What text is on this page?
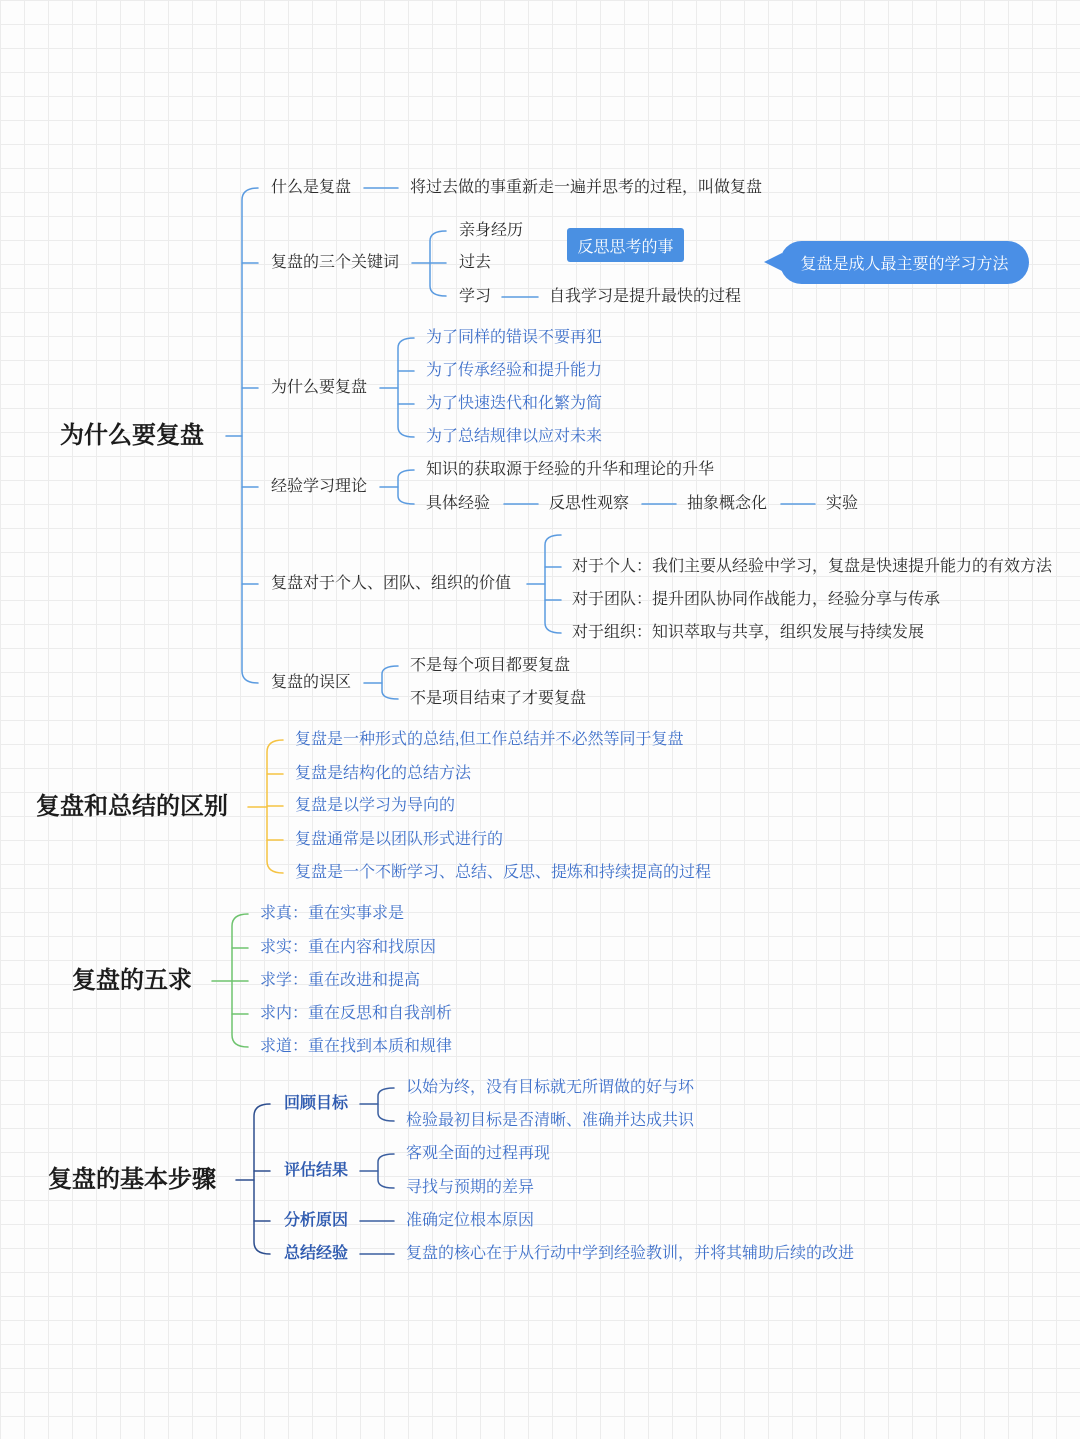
为什么要复盘
什么是复盘	将过去做的事重新走一遍并思考的过程，叫做复盘
复盘的三个关键词
亲身经历
过去
学习	自我学习是提升最快的过程
反思思考的事
复盘是成人最主要的学习方法
为什么要复盘
为了同样的错误不要再犯
为了传承经验和提升能力
为了快速迭代和化繁为简
为了总结规律以应对未来
经验学习理论
知识的获取源于经验的升华和理论的升华
具体经验	反思性观察	抽象概念化	实验
复盘对于个人、团队、组织的价值
对于个人：我们主要从经验中学习，复盘是快速提升能力的有效方法
对于团队：提升团队协同作战能力，经验分享与传承
对于组织：知识萃取与共享，组织发展与持续发展
复盘的误区
不是每个项目都要复盘
不是项目结束了才要复盘
复盘和总结的区别
复盘是一种形式的总结,但工作总结并不必然等同于复盘
复盘是结构化的总结方法
复盘是以学习为导向的
复盘通常是以团队形式进行的
复盘是一个不断学习、总结、反思、提炼和持续提高的过程
复盘的五求
求真：重在实事求是
求实：重在内容和找原因
求学：重在改进和提高
求内：重在反思和自我剖析
求道：重在找到本质和规律
复盘的基本步骤
回顾目标
以始为终，没有目标就无所谓做的好与坏
检验最初目标是否清晰、准确并达成共识
评估结果
客观全面的过程再现
寻找与预期的差异
分析原因	准确定位根本原因
总结经验	复盘的核心在于从行动中学到经验教训，并将其辅助后续的改进
